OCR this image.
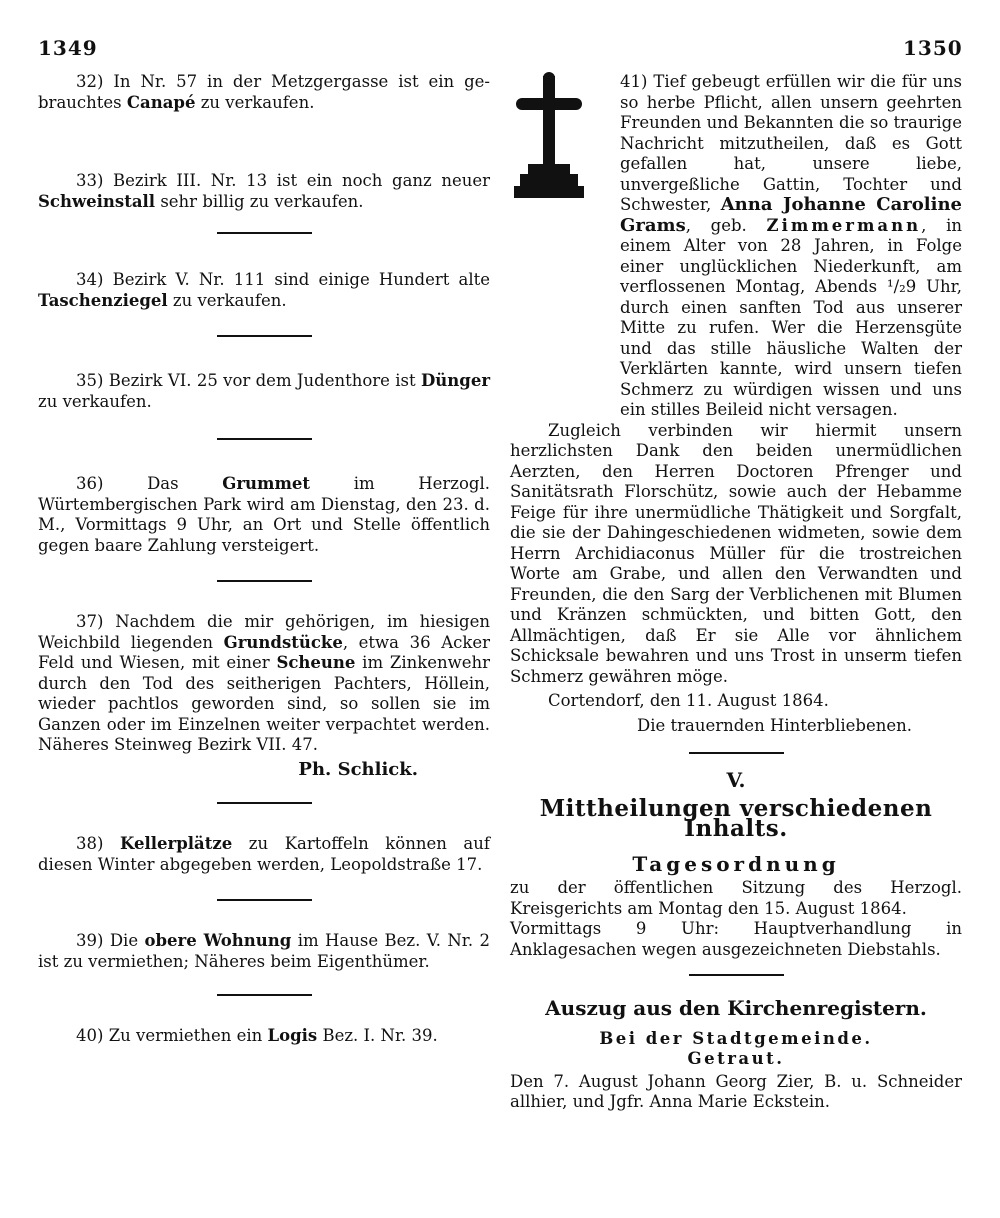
1349	1350

32) In Nr. 57 in der Metzgergasse ist ein ge-brauchtes Canapé zu verkaufen.

33) Bezirk III. Nr. 13 ist ein noch ganz neuer Schweinstall sehr billig zu verkaufen.

34) Bezirk V. Nr. 111 sind einige Hundert alte Taschenziegel zu verkaufen.

35) Bezirk VI. 25 vor dem Judenthore ist Dünger zu verkaufen.

36)	Das	Grummet	im Herzogl. Würtembergischen Park wird am Dienstag, den 23. d. M., Vormittags 9 Uhr, an Ort und Stelle öffentlich gegen baare Zahlung versteigert.

37) Nachdem die mir gehörigen, im hiesigen Weichbild liegenden Grundstücke, etwa 36 Acker Feld und Wiesen, mit einer Scheune im Zinkenwehr durch den Tod des seitherigen Pachters, Höllein, wieder pachtlos geworden sind, so sollen sie im Ganzen oder im Einzelnen weiter verpachtet werden. Näheres Steinweg Bezirk VII. 47.

Ph. Schlick.

38) Kellerplätze zu Kartoffeln können auf diesen Winter abgegeben werden, Leopoldstraße 17.

39) Die obere Wohnung im Hause Bez. V. Nr. 2 ist zu vermiethen; Näheres beim Eigenthümer.

40) Zu vermiethen ein Logis Bez. I. Nr. 39.

41) Tief gebeugt erfüllen wir die für uns so herbe Pflicht, allen unsern geehrten Freunden und Bekannten die so traurige Nachricht mitzutheilen, daß es Gott gefallen hat, unsere liebe, unvergeßliche Gattin, Tochter und Schwester, Anna Johanne Caroline Grams, geb. Zimmermann, in einem Alter von 28 Jahren, in Folge einer unglücklichen Niederkunft, am verflossenen Montag, Abends ¹/₂9 Uhr, durch einen sanften Tod aus unserer Mitte zu rufen. Wer die Herzensgüte und das stille häusliche Walten der Verklärten kannte, wird unsern tiefen Schmerz zu würdigen wissen und uns ein stilles Beileid nicht versagen.

Zugleich verbinden wir hiermit unsern herzlichsten Dank den beiden unermüdlichen Aerzten, den Herren Doctoren Pfrenger und Sanitätsrath Florschütz, sowie auch der Hebamme Feige für ihre unermüdliche Thätigkeit und Sorgfalt, die sie der Dahingeschiedenen widmeten, sowie dem Herrn Archidiaconus Müller für die trostreichen Worte am Grabe, und allen den Verwandten und Freunden, die den Sarg der Verblichenen mit Blumen und Kränzen schmückten, und bitten Gott, den Allmächtigen, daß Er sie Alle vor ähnlichem Schicksale bewahren und uns Trost in unserm tiefen Schmerz gewähren möge.

Cortendorf, den 11. August 1864.

Die trauernden Hinterbliebenen.

V.
Mittheilungen verschiedenen Inhalts.
Tagesordnung

zu der öffentlichen Sitzung des Herzogl. Kreisgerichts am Montag den 15. August 1864.

Vormittags 9 Uhr: Hauptverhandlung in Anklagesachen wegen ausgezeichneten Diebstahls.

Auszug aus den Kirchenregistern.
Bei der Stadtgemeinde.
Getraut.

Den 7. August Johann Georg Zier, B. u. Schneider allhier, und Jgfr. Anna Marie Eckstein.
